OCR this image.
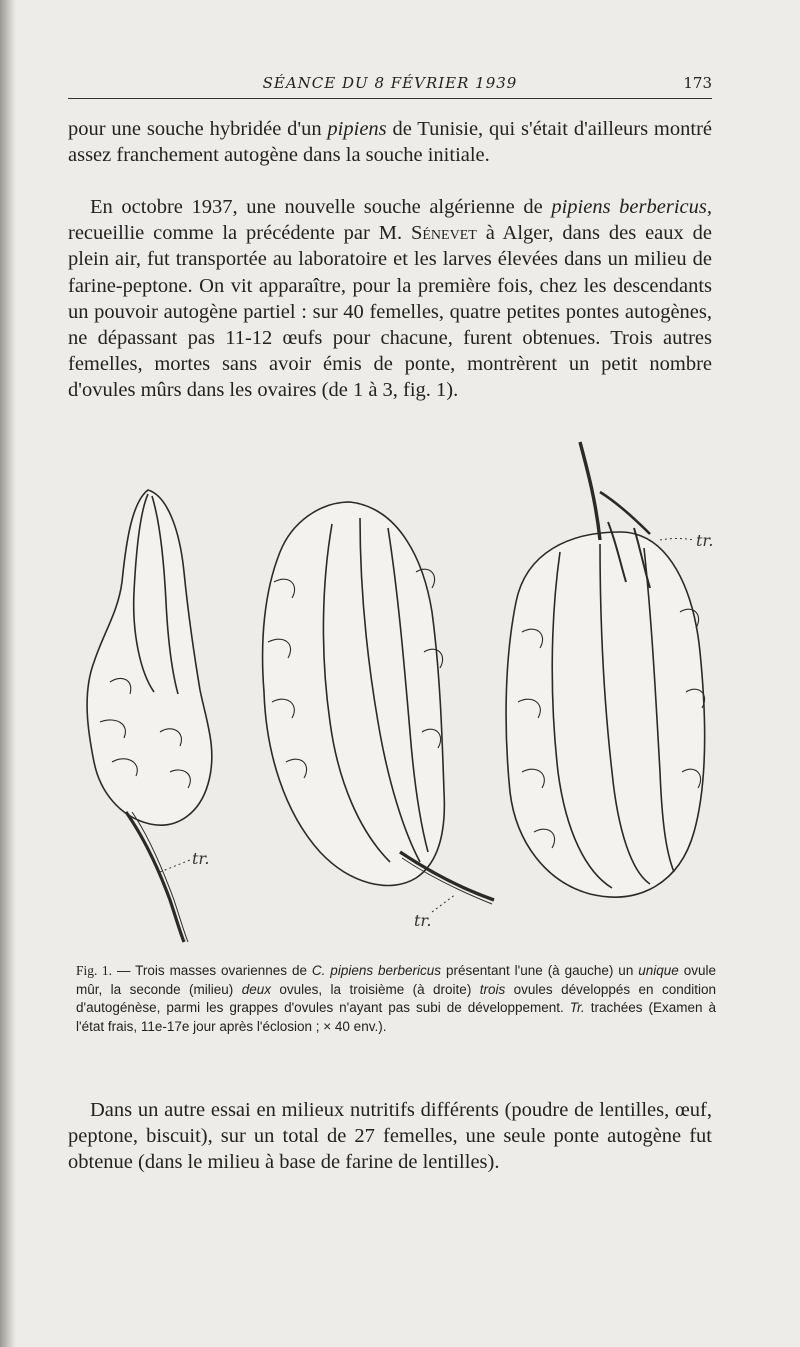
SÉANCE DU 8 FÉVRIER 1939	173

pour une souche hybridée d'un pipiens de Tunisie, qui s'était d'ailleurs montré assez franchement autogène dans la souche initiale.

En octobre 1937, une nouvelle souche algérienne de pipiens berbericus, recueillie comme la précédente par M. Sénevet à Alger, dans des eaux de plein air, fut transportée au laboratoire et les larves élevées dans un milieu de farine-peptone. On vit apparaître, pour la première fois, chez les descendants un pouvoir autogène partiel : sur 40 femelles, quatre petites pontes autogènes, ne dépassant pas 11-12 œufs pour chacune, furent obtenues. Trois autres femelles, mortes sans avoir émis de ponte, montrèrent un petit nombre d'ovules mûrs dans les ovaires (de 1 à 3, fig. 1).

tr.
tr.
tr.

Fig. 1. — Trois masses ovariennes de C. pipiens berbericus présentant l'une (à gauche) un unique ovule mûr, la seconde (milieu) deux ovules, la troisième (à droite) trois ovules développés en condition d'autogénèse, parmi les grappes d'ovules n'ayant pas subi de développement. Tr. trachées (Examen à l'état frais, 11e-17e jour après l'éclosion ; × 40 env.).

Dans un autre essai en milieux nutritifs différents (poudre de lentilles, œuf, peptone, biscuit), sur un total de 27 femelles, une seule ponte autogène fut obtenue (dans le milieu à base de farine de lentilles).
